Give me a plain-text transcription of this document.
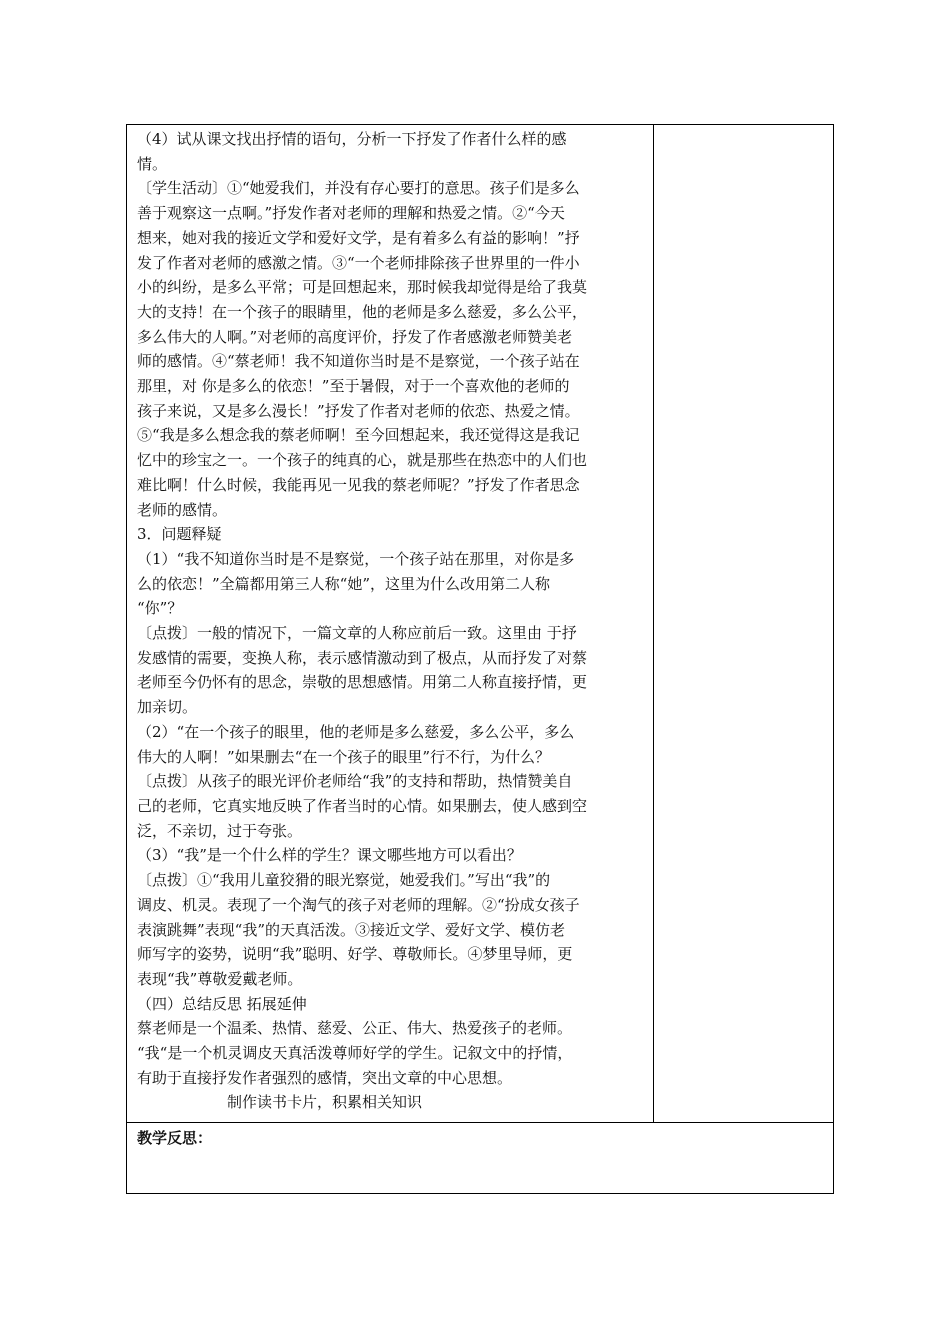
（4）试从课文找出抒情的语句，分析一下抒发了作者什么样的感
情。

〔学生活动〕①“她爱我们，并没有存心要打的意思。孩子们是多么
善于观察这一点啊。”抒发作者对老师的理解和热爱之情。②“今天
想来，她对我的接近文学和爱好文学，是有着多么有益的影响！”抒
发了作者对老师的感激之情。③“一个老师排除孩子世界里的一件小
小的纠纷，是多么平常；可是回想起来，那时候我却觉得是给了我莫
大的支持！在一个孩子的眼睛里，他的老师是多么慈爱，多么公平，
多么伟大的人啊。”对老师的高度评价，抒发了作者感激老师赞美老
师的感情。④“蔡老师！我不知道你当时是不是察觉，一个孩子站在
那里，对 你是多么的依恋！”至于暑假，对于一个喜欢他的老师的
孩子来说，又是多么漫长！”抒发了作者对老师的依恋、热爱之情。
⑤“我是多么想念我的蔡老师啊！至今回想起来，我还觉得这是我记
忆中的珍宝之一。一个孩子的纯真的心，就是那些在热恋中的人们也
难比啊！什么时候，我能再见一见我的蔡老师呢？”抒发了作者思念
老师的感情。

3．问题释疑

（1）“我不知道你当时是不是察觉，一个孩子站在那里，对你是多
么的依恋！”全篇都用第三人称“她”，这里为什么改用第二人称
“你”？

〔点拨〕一般的情况下，一篇文章的人称应前后一致。这里由 于抒
发感情的需要，变换人称，表示感情激动到了极点，从而抒发了对蔡
老师至今仍怀有的思念，崇敬的思想感情。用第二人称直接抒情，更
加亲切。

（2）“在一个孩子的眼里，他的老师是多么慈爱，多么公平，多么
伟大的人啊！”如果删去“在一个孩子的眼里”行不行，为什么？

〔点拨〕从孩子的眼光评价老师给“我”的支持和帮助，热情赞美自
己的老师，它真实地反映了作者当时的心情。如果删去，使人感到空
泛，不亲切，过于夸张。

（3）“我”是一个什么样的学生？课文哪些地方可以看出？

〔点拨〕①“我用儿童狡猾的眼光察觉，她爱我们。”写出“我”的
调皮、机灵。表现了一个淘气的孩子对老师的理解。②“扮成女孩子
表演跳舞”表现“我”的天真活泼。③接近文学、爱好文学、模仿老
师写字的姿势，说明“我”聪明、好学、尊敬师长。④梦里导师，更
表现“我”尊敬爱戴老师。

（四）总结反思 拓展延伸

蔡老师是一个温柔、热情、慈爱、公正、伟大、热爱孩子的老师。
“我“是一个机灵调皮天真活泼尊师好学的学生。记叙文中的抒情，
有助于直接抒发作者强烈的感情，突出文章的中心思想。

制作读书卡片，积累相关知识

教学反思：
